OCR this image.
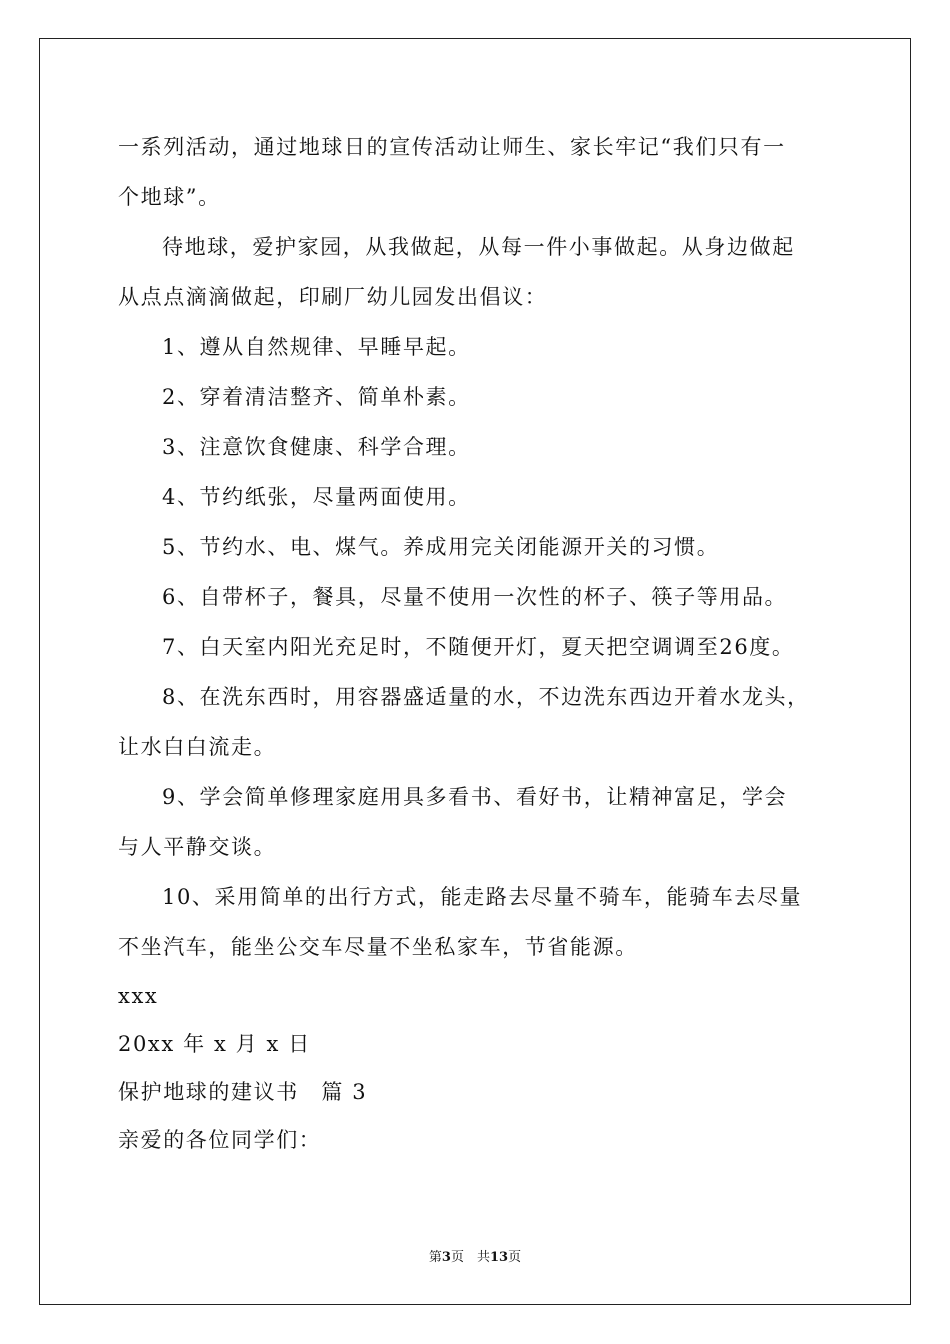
一系列活动，通过地球日的宣传活动让师生、家长牢记“我们只有一

个地球”。

待地球，爱护家园，从我做起，从每一件小事做起。从身边做起

从点点滴滴做起，印刷厂幼儿园发出倡议：

1、遵从自然规律、早睡早起。

2、穿着清洁整齐、简单朴素。

3、注意饮食健康、科学合理。

4、节约纸张，尽量两面使用。

5、节约水、电、煤气。养成用完关闭能源开关的习惯。

6、自带杯子，餐具，尽量不使用一次性的杯子、筷子等用品。

7、白天室内阳光充足时，不随便开灯，夏天把空调调至26度。

8、在洗东西时，用容器盛适量的水，不边洗东西边开着水龙头，

让水白白流走。

9、学会简单修理家庭用具多看书、看好书，让精神富足，学会

与人平静交谈。

10、采用简单的出行方式，能走路去尽量不骑车，能骑车去尽量

不坐汽车，能坐公交车尽量不坐私家车，节省能源。

xxx

20xx 年 x 月 x 日

保护地球的建议书　篇 3

亲爱的各位同学们：

第3页　共13页
